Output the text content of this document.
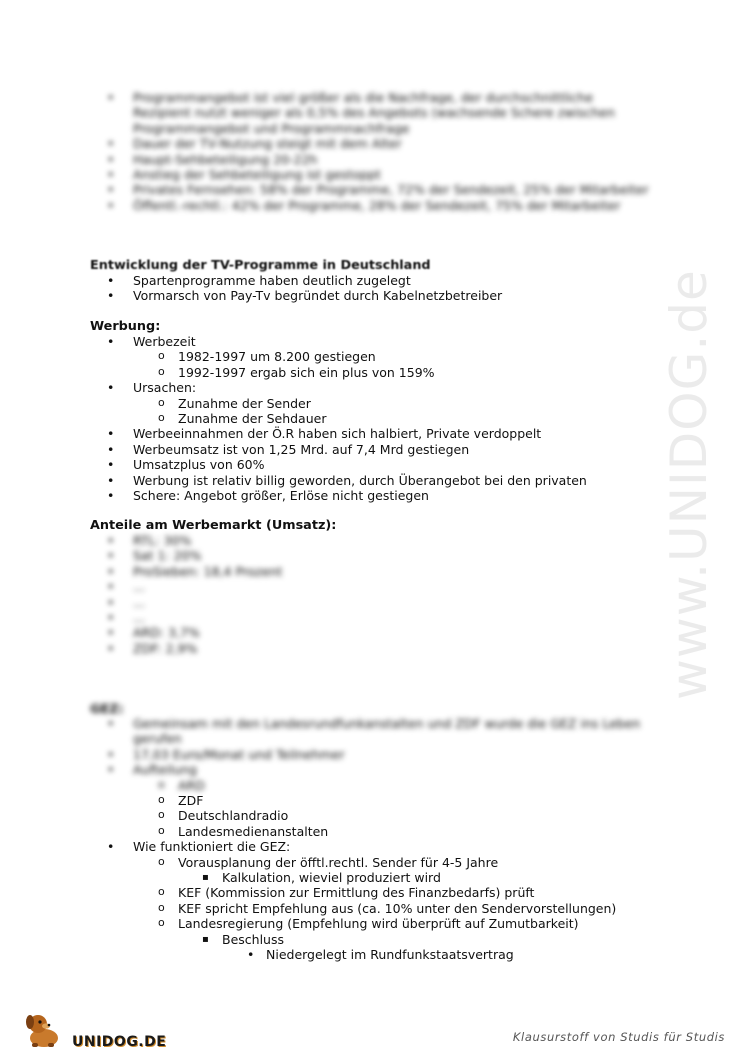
www.UNIDOG.de
• Programmangebot ist viel größer als die Nachfrage, der durchschnittliche Rezipient nutzt weniger als 0,5% des Angebots (wachsende Schere zwischen Programmangebot und Programmnachfrage
• Dauer der TV-Nutzung steigt mit dem Alter
• Haupt-Sehbeteiligung 20-22h
• Anstieg der Sehbeteiligung ist gestoppt
• Privates Fernsehen: 58% der Programme, 72% der Sendezeit, 25% der Mitarbeiter
• Öffentl.-rechtl.: 42% der Programme, 28% der Sendezeit, 75% der Mitarbeiter
Entwicklung der TV-Programme in Deutschland
• Spartenprogramme haben deutlich zugelegt
• Vormarsch von Pay-Tv begründet durch Kabelnetzbetreiber
Werbung:
• Werbezeit
o 1982-1997 um 8.200 gestiegen
o 1992-1997 ergab sich ein plus von 159%
• Ursachen:
o Zunahme der Sender
o Zunahme der Sehdauer
• Werbeeinnahmen der Ö.R haben sich halbiert, Private verdoppelt
• Werbeumsatz ist von 1,25 Mrd. auf 7,4 Mrd gestiegen
• Umsatzplus von 60%
• Werbung ist relativ billig geworden, durch Überangebot bei den privaten
• Schere: Angebot größer, Erlöse nicht gestiegen
Anteile am Werbemarkt (Umsatz):
• RTL: 30%
• Sat 1: 20%
• ProSieben: 18,4 Prozent
• ...
• ...
• ...
• ARD: 3,7%
• ZDF: 2,9%
GEZ:
• Gemeinsam mit den Landesrundfunkanstalten und ZDF wurde die GEZ ins Leben gerufen
• 17,03 Euro/Monat und Teilnehmer
• Aufteilung
o ARD
o ZDF
o Deutschlandradio
o Landesmedienanstalten
• Wie funktioniert die GEZ:
o Vorausplanung der öfftl.rechtl. Sender für 4-5 Jahre
▪ Kalkulation, wieviel produziert wird
o KEF (Kommission zur Ermittlung des Finanzbedarfs) prüft
o KEF spricht Empfehlung aus (ca. 10% unter den Sendervorstellungen)
o Landesregierung (Empfehlung wird überprüft auf Zumutbarkeit)
▪ Beschluss
• Niedergelegt im Rundfunkstaatsvertrag
UNIDOG.DE	Klausurstoff von Studis für Studis
